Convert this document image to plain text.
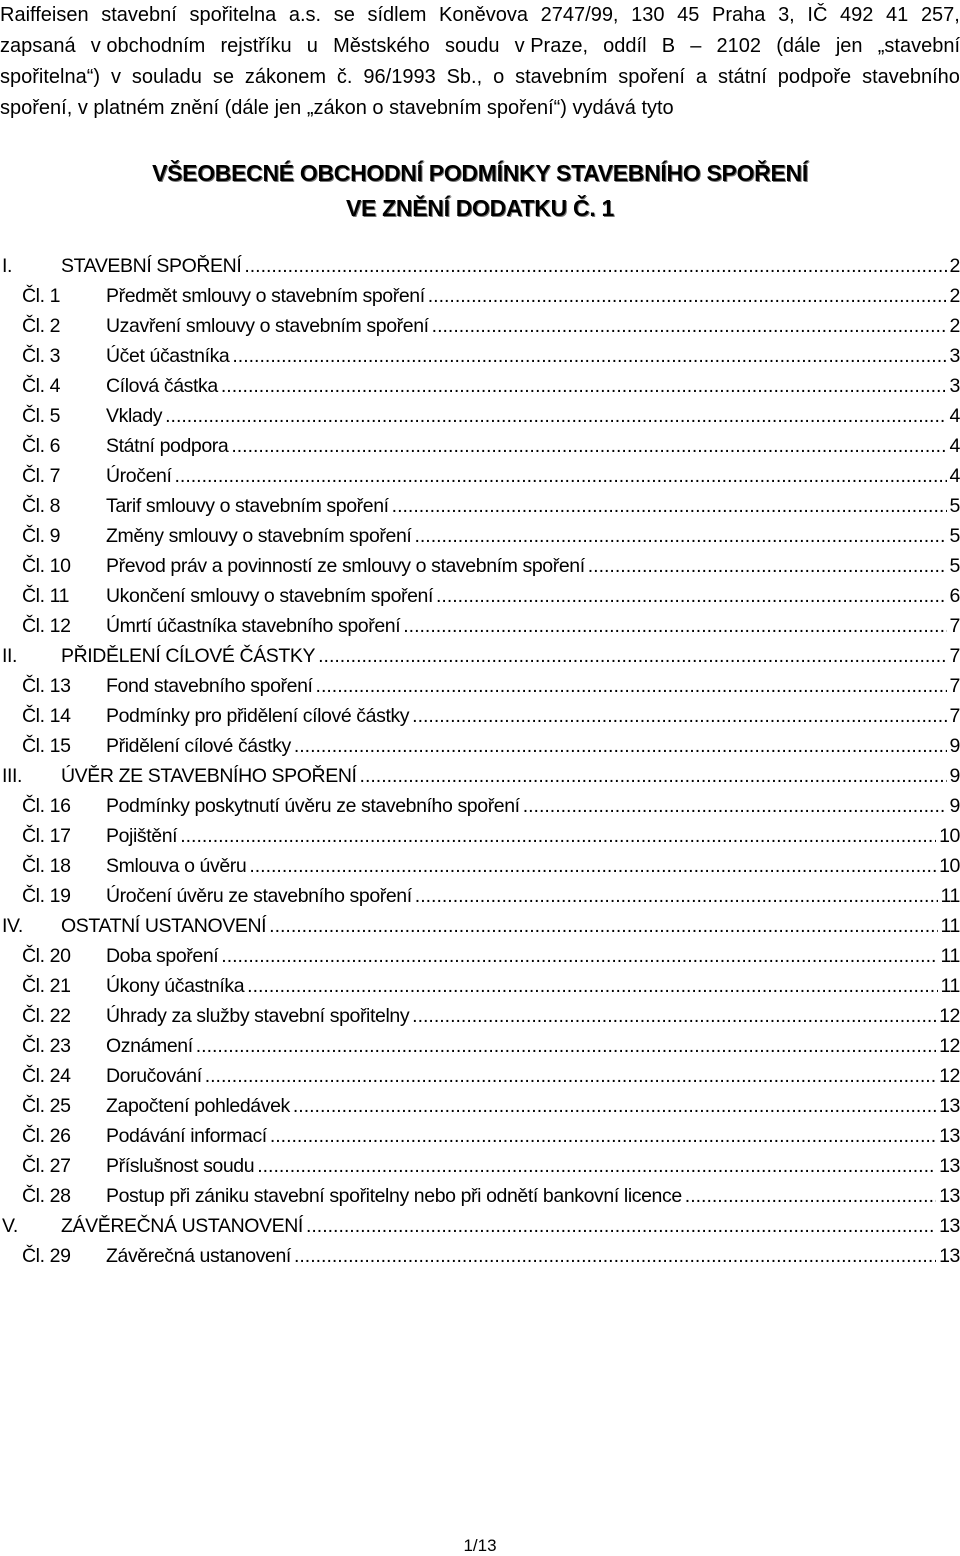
Raiffeisen stavební spořitelna a.s. se sídlem Koněvova 2747/99, 130 45 Praha 3, IČ 492 41 257,
zapsaná v obchodním rejstříku u Městského soudu v Praze, oddíl B – 2102 (dále jen „stavební
spořitelna“) v souladu se zákonem č. 96/1993 Sb., o stavebním spoření a státní podpoře stavebního
spoření, v platném znění (dále jen „zákon o stavebním spoření“) vydává tyto
VŠEOBECNÉ OBCHODNÍ PODMÍNKY STAVEBNÍHO SPOŘENÍ
VE ZNĚNÍ DODATKU Č. 1
I.	STAVEBNÍ SPOŘENÍ .....	2
Čl. 1 Předmět smlouvy o stavebním spoření .....	2
Čl. 2 Uzavření smlouvy o stavebním spoření .....	2
Čl. 3 Účet účastníka .....	3
Čl. 4 Cílová částka .....	3
Čl. 5 Vklady .....	4
Čl. 6 Státní podpora .....	4
Čl. 7 Úročení .....	4
Čl. 8 Tarif smlouvy o stavebním spoření .....	5
Čl. 9 Změny smlouvy o stavebním spoření .....	5
Čl. 10 Převod práv a povinností ze smlouvy o stavebním spoření .....	5
Čl. 11 Ukončení smlouvy o stavebním spoření .....	6
Čl. 12 Úmrtí účastníka stavebního spoření .....	7
II. PŘIDĚLENÍ CÍLOVÉ ČÁSTKY .....	7
Čl. 13 Fond stavebního spoření .....	7
Čl. 14 Podmínky pro přidělení cílové částky .....	7
Čl. 15 Přidělení cílové částky .....	9
III. ÚVĚR ZE STAVEBNÍHO SPOŘENÍ .....	9
Čl. 16 Podmínky poskytnutí úvěru ze stavebního spoření .....	9
Čl. 17 Pojištění .....	10
Čl. 18 Smlouva o úvěru .....	10
Čl. 19 Úročení úvěru ze stavebního spoření .....	11
IV. OSTATNÍ USTANOVENÍ .....	11
Čl. 20 Doba spoření .....	11
Čl. 21 Úkony účastníka .....	11
Čl. 22 Úhrady za služby stavební spořitelny .....	12
Čl. 23 Oznámení .....	12
Čl. 24 Doručování .....	12
Čl. 25 Započtení pohledávek .....	13
Čl. 26 Podávání informací .....	13
Čl. 27 Příslušnost soudu .....	13
Čl. 28 Postup při zániku stavební spořitelny nebo při odnětí bankovní licence .....	13
V. ZÁVĚREČNÁ USTANOVENÍ .....	13
Čl. 29 Závěrečná ustanovení .....	13
1/13
